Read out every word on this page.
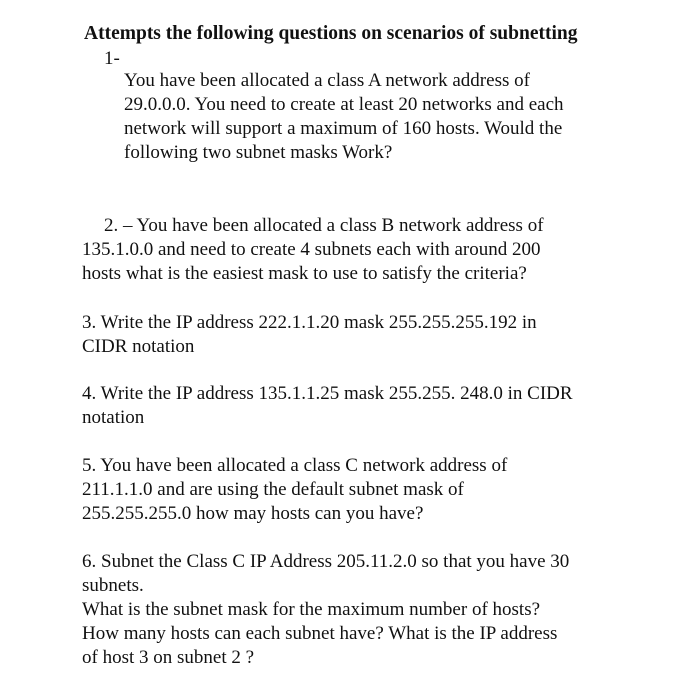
Attempts the following questions on scenarios of subnetting
1-
You have been allocated a class A network address of
29.0.0.0. You need to create at least 20 networks and each
network will support a maximum of 160 hosts. Would the
following two subnet masks Work?
2. – You have been allocated a class B network address of
135.1.0.0 and need to create 4 subnets each with around 200
hosts what is the easiest mask to use to satisfy the criteria?
3. Write the IP address 222.1.1.20 mask 255.255.255.192 in
CIDR notation
4. Write the IP address 135.1.1.25 mask 255.255. 248.0 in CIDR
notation
5. You have been allocated a class C network address of
211.1.1.0 and are using the default subnet mask of
255.255.255.0 how may hosts can you have?
6. Subnet the Class C IP Address 205.11.2.0 so that you have 30
subnets.
What is the subnet mask for the maximum number of hosts?
How many hosts can each subnet have? What is the IP address
of host 3 on subnet 2 ?
